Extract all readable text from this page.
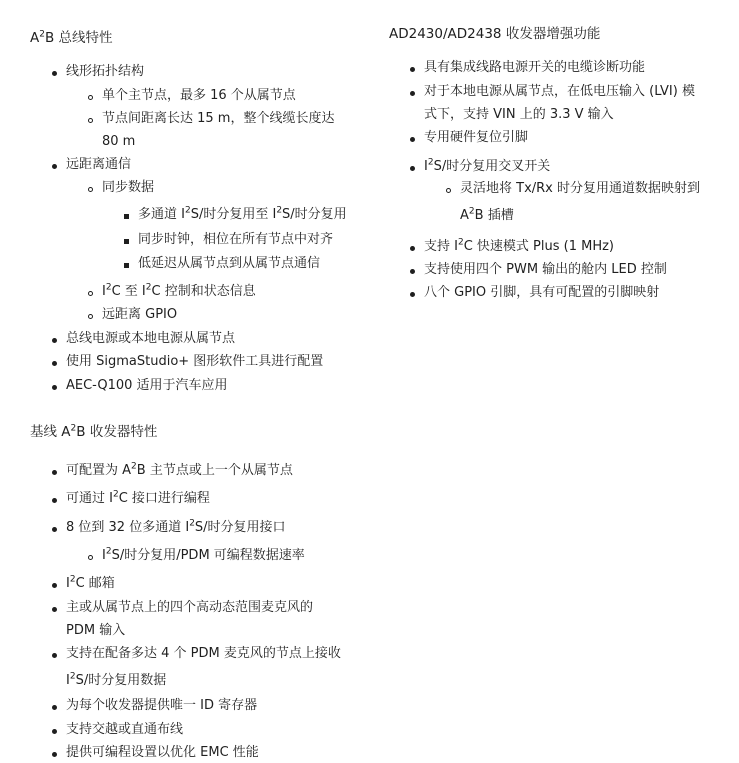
$A^2B$ 总线特性
线形拓扑结构
单个主节点，最多 16 个从属节点
节点间距离长达 15 m，整个线缆长度达
80 m
远距离通信
同步数据
多通道 $I^2S/$时分复用至 $I^2S/$时分复用
同步时钟，相位在所有节点中对齐
低延迟从属节点到从属节点通信
$I^2C$ 至 $I^2C$ 控制和状态信息
远距离 GPIO
总线电源或本地电源从属节点
使用 SigmaStudio+ 图形软件工具进行配置
AEC-Q100 适用于汽车应用
基线 $A^2B$ 收发器特性
可配置为 $A^2B$ 主节点或上一个从属节点
可通过 $I^2C$ 接口进行编程
8 位到 32 位多通道 $I^2S/$时分复用接口
$I^2S/$时分复用/PDM 可编程数据速率
$I^2C$ 邮箱
主或从属节点上的四个高动态范围麦克风的
PDM 输入
支持在配备多达 4 个 PDM 麦克风的节点上接收
$I^2S/$时分复用数据
为每个收发器提供唯一 ID 寄存器
支持交越或直通布线
提供可编程设置以优化 EMC 性能
AD2430/AD2438 收发器增强功能
具有集成线路电源开关的电缆诊断功能
对于本地电源从属节点，在低电压输入 (LVI) 模
式下，支持 VIN 上的 3.3 V 输入
专用硬件复位引脚
$I^2S/$时分复用交叉开关
灵活地将 Tx/Rx 时分复用通道数据映射到
$A^2B$ 插槽
支持 $I^2C$ 快速模式 Plus (1 MHz)
支持使用四个 PWM 输出的舱内 LED 控制
八个 GPIO 引脚，具有可配置的引脚映射
